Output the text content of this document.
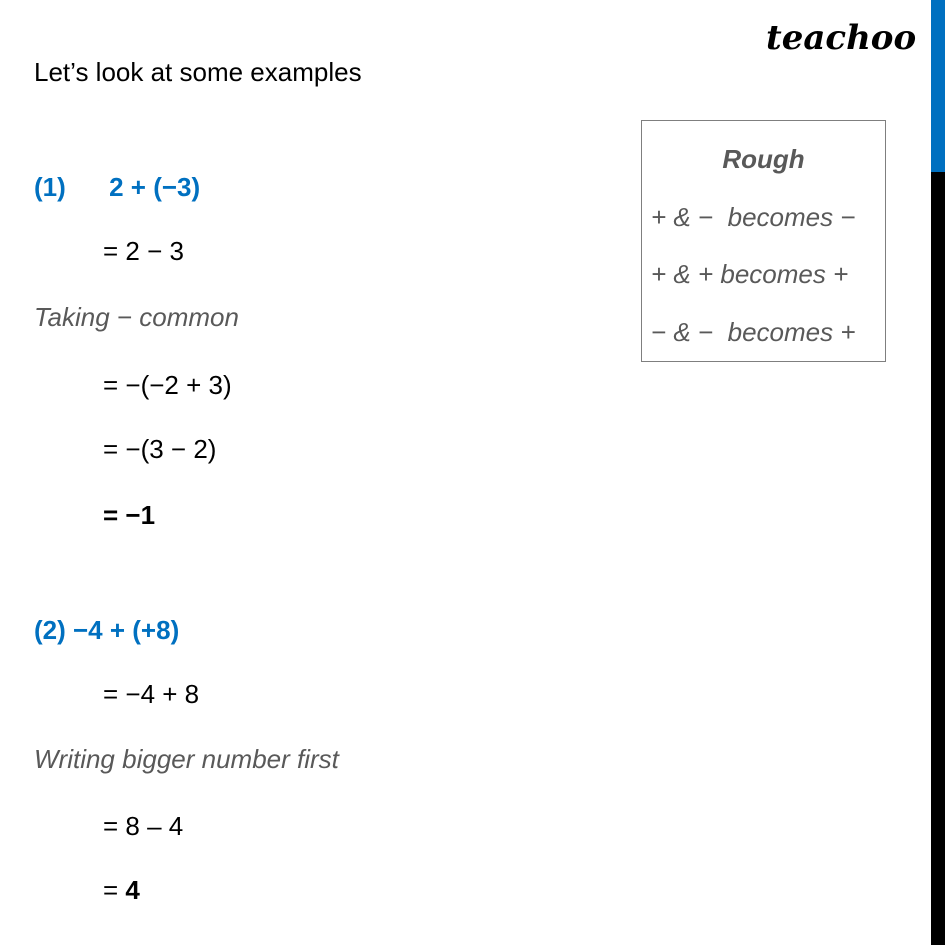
teachoo
Let’s look at some examples
(1)      2 + (−3)
= 2 − 3
Taking − common
= −(−2 + 3)
= −(3 − 2)
= −1
(2) −4 + (+8)
= −4 + 8
Writing bigger number first
= 8 – 4
= 4
Rough
+ & −  becomes −
+ & + becomes +
− & −  becomes +
